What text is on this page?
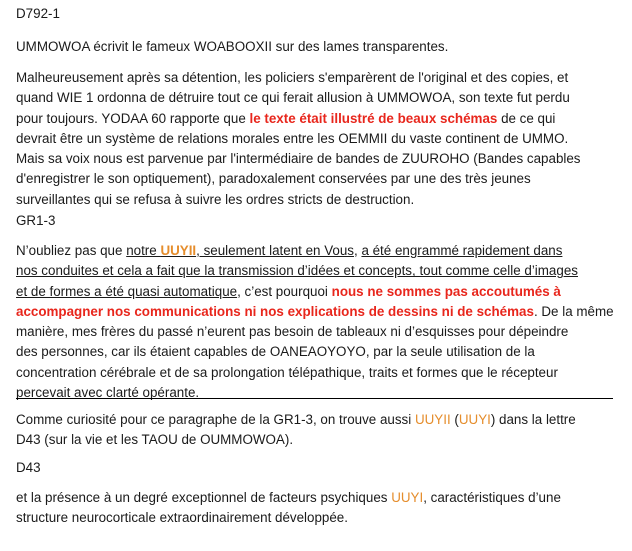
D792-1

UMMOWOA écrivit le fameux WOABOOXII sur des lames transparentes.

Malheureusement après sa détention, les policiers s'emparèrent de l'original et des copies, et

quand WIE 1 ordonna de détruire tout ce qui ferait allusion à UMMOWOA, son texte fut perdu

pour toujours. YODAA 60 rapporte que le texte était illustré de beaux schémas de ce qui

devrait être un système de relations morales entre les OEMMII du vaste continent de UMMO.

Mais sa voix nous est parvenue par l'intermédiaire de bandes de ZUUROHO (Bandes capables

d'enregistrer le son optiquement), paradoxalement conservées par une des très jeunes

surveillantes qui se refusa à suivre les ordres stricts de destruction.

GR1-3

N’oubliez pas que notre UUYII, seulement latent en Vous, a été engrammé rapidement dans

nos conduites et cela a fait que la transmission d’idées et concepts, tout comme celle d’images

et de formes a été quasi automatique, c’est pourquoi nous ne sommes pas accoutumés à

accompagner nos communications ni nos explications de dessins ni de schémas. De la même

manière, mes frères du passé n’eurent pas besoin de tableaux ni d’esquisses pour dépeindre

des personnes, car ils étaient capables de OANEAOYOYO, par la seule utilisation de la

concentration cérébrale et de sa prolongation télépathique, traits et formes que le récepteur

percevait avec clarté opérante.

Comme curiosité pour ce paragraphe de la GR1-3, on trouve aussi UUYII (UUYI) dans la lettre

D43 (sur la vie et les TAOU de OUMMOWOA).

D43

et la présence à un degré exceptionnel de facteurs psychiques UUYI, caractéristiques d’une

structure neurocorticale extraordinairement développée.
